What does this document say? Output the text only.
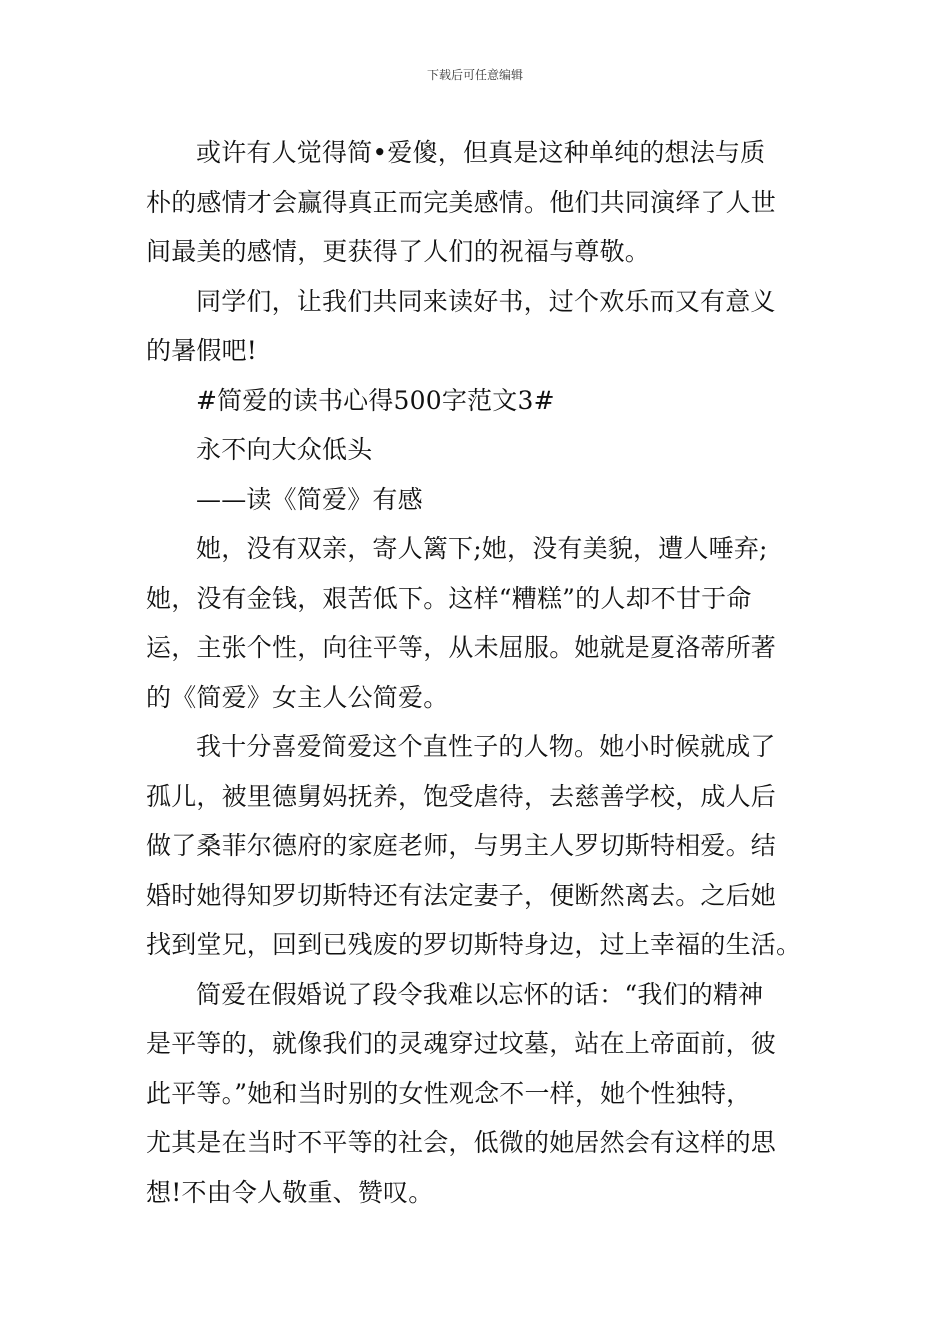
下载后可任意编辑
或许有人觉得简•爱傻，但真是这种单纯的想法与质
朴的感情才会赢得真正而完美感情。他们共同演绎了人世
间最美的感情，更获得了人们的祝福与尊敬。
同学们，让我们共同来读好书，过个欢乐而又有意义
的暑假吧!
#简爱的读书心得500字范文3#
永不向大众低头
——读《简爱》有感
她，没有双亲，寄人篱下;她，没有美貌，遭人唾弃;
她，没有金钱，艰苦低下。这样“糟糕”的人却不甘于命
运，主张个性，向往平等，从未屈服。她就是夏洛蒂所著
的《简爱》女主人公简爱。
我十分喜爱简爱这个直性子的人物。她小时候就成了
孤儿，被里德舅妈抚养，饱受虐待，去慈善学校，成人后
做了桑菲尔德府的家庭老师，与男主人罗切斯特相爱。结
婚时她得知罗切斯特还有法定妻子，便断然离去。之后她
找到堂兄，回到已残废的罗切斯特身边，过上幸福的生活。
简爱在假婚说了段令我难以忘怀的话：“我们的精神
是平等的，就像我们的灵魂穿过坟墓，站在上帝面前，彼
此平等。”她和当时别的女性观念不一样，她个性独特，
尤其是在当时不平等的社会，低微的她居然会有这样的思
想!不由令人敬重、赞叹。
